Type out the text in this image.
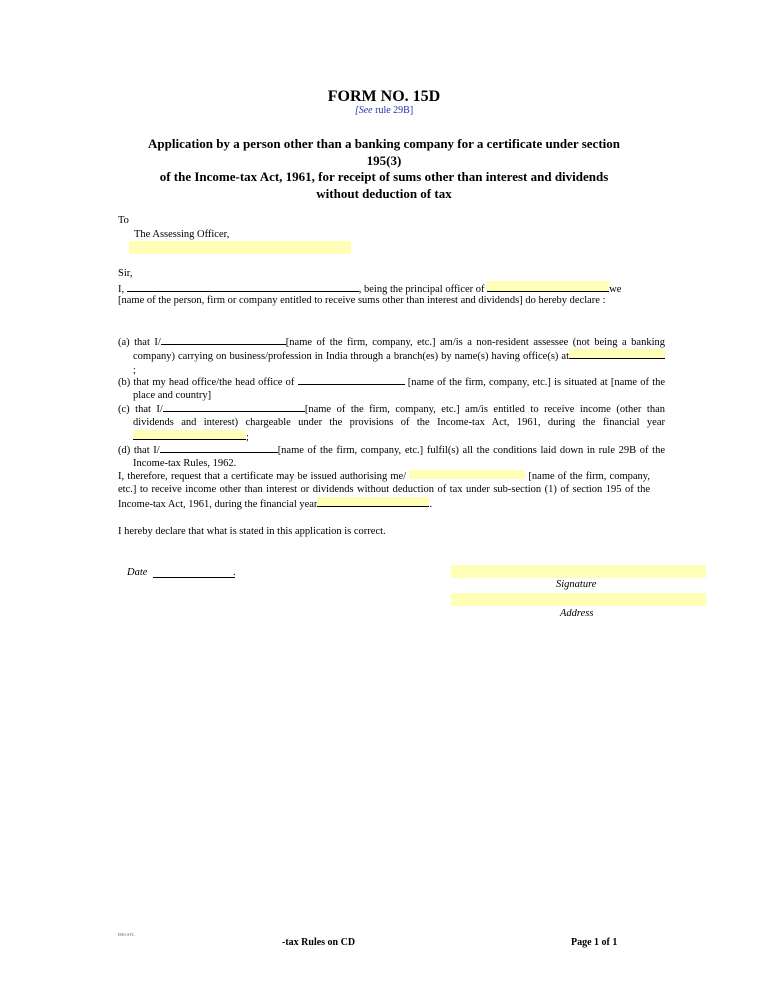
FORM NO. 15D
[See rule 29B]
Application by a person other than a banking company for a certificate under section
195(3)
of the Income-tax Act, 1961, for receipt of sums other than interest and dividends
without deduction of tax
To
The Assessing Officer,
Sir,
I,	, being the principal officer of	we
[name of the person, firm or company entitled to receive sums other than interest and dividends] do hereby declare :
(a) that I/	[name of the firm, company, etc.] am/is a non-resident assessee (not being a banking company) carrying on business/profession in India through a branch(es) by name(s) having office(s) at ;
(b) that my head office/the head office of	[name of the firm, company, etc.] is situated at [name of the place and country]
(c) that I/	[name of the firm, company, etc.] am/is entitled to receive income (other than dividends and interest) chargeable under the provisions of the Income-tax Act, 1961, during the financial year;
(d) that I/	[name of the firm, company, etc.] fulfil(s) all the conditions laid down in rule 29B of the Income-tax Rules, 1962.
I, therefore, request that a certificate may be issued authorising me/	[name of the firm, company, etc.] to receive income other than interest or dividends without deduction of tax under sub-section (1) of section 195 of the Income-tax Act, 1961, during the financial year	.
I hereby declare that what is stated in this application is correct.
Date	.
Signature
Address
IMG-SYL
-tax Rules on CD	Page 1 of 1
